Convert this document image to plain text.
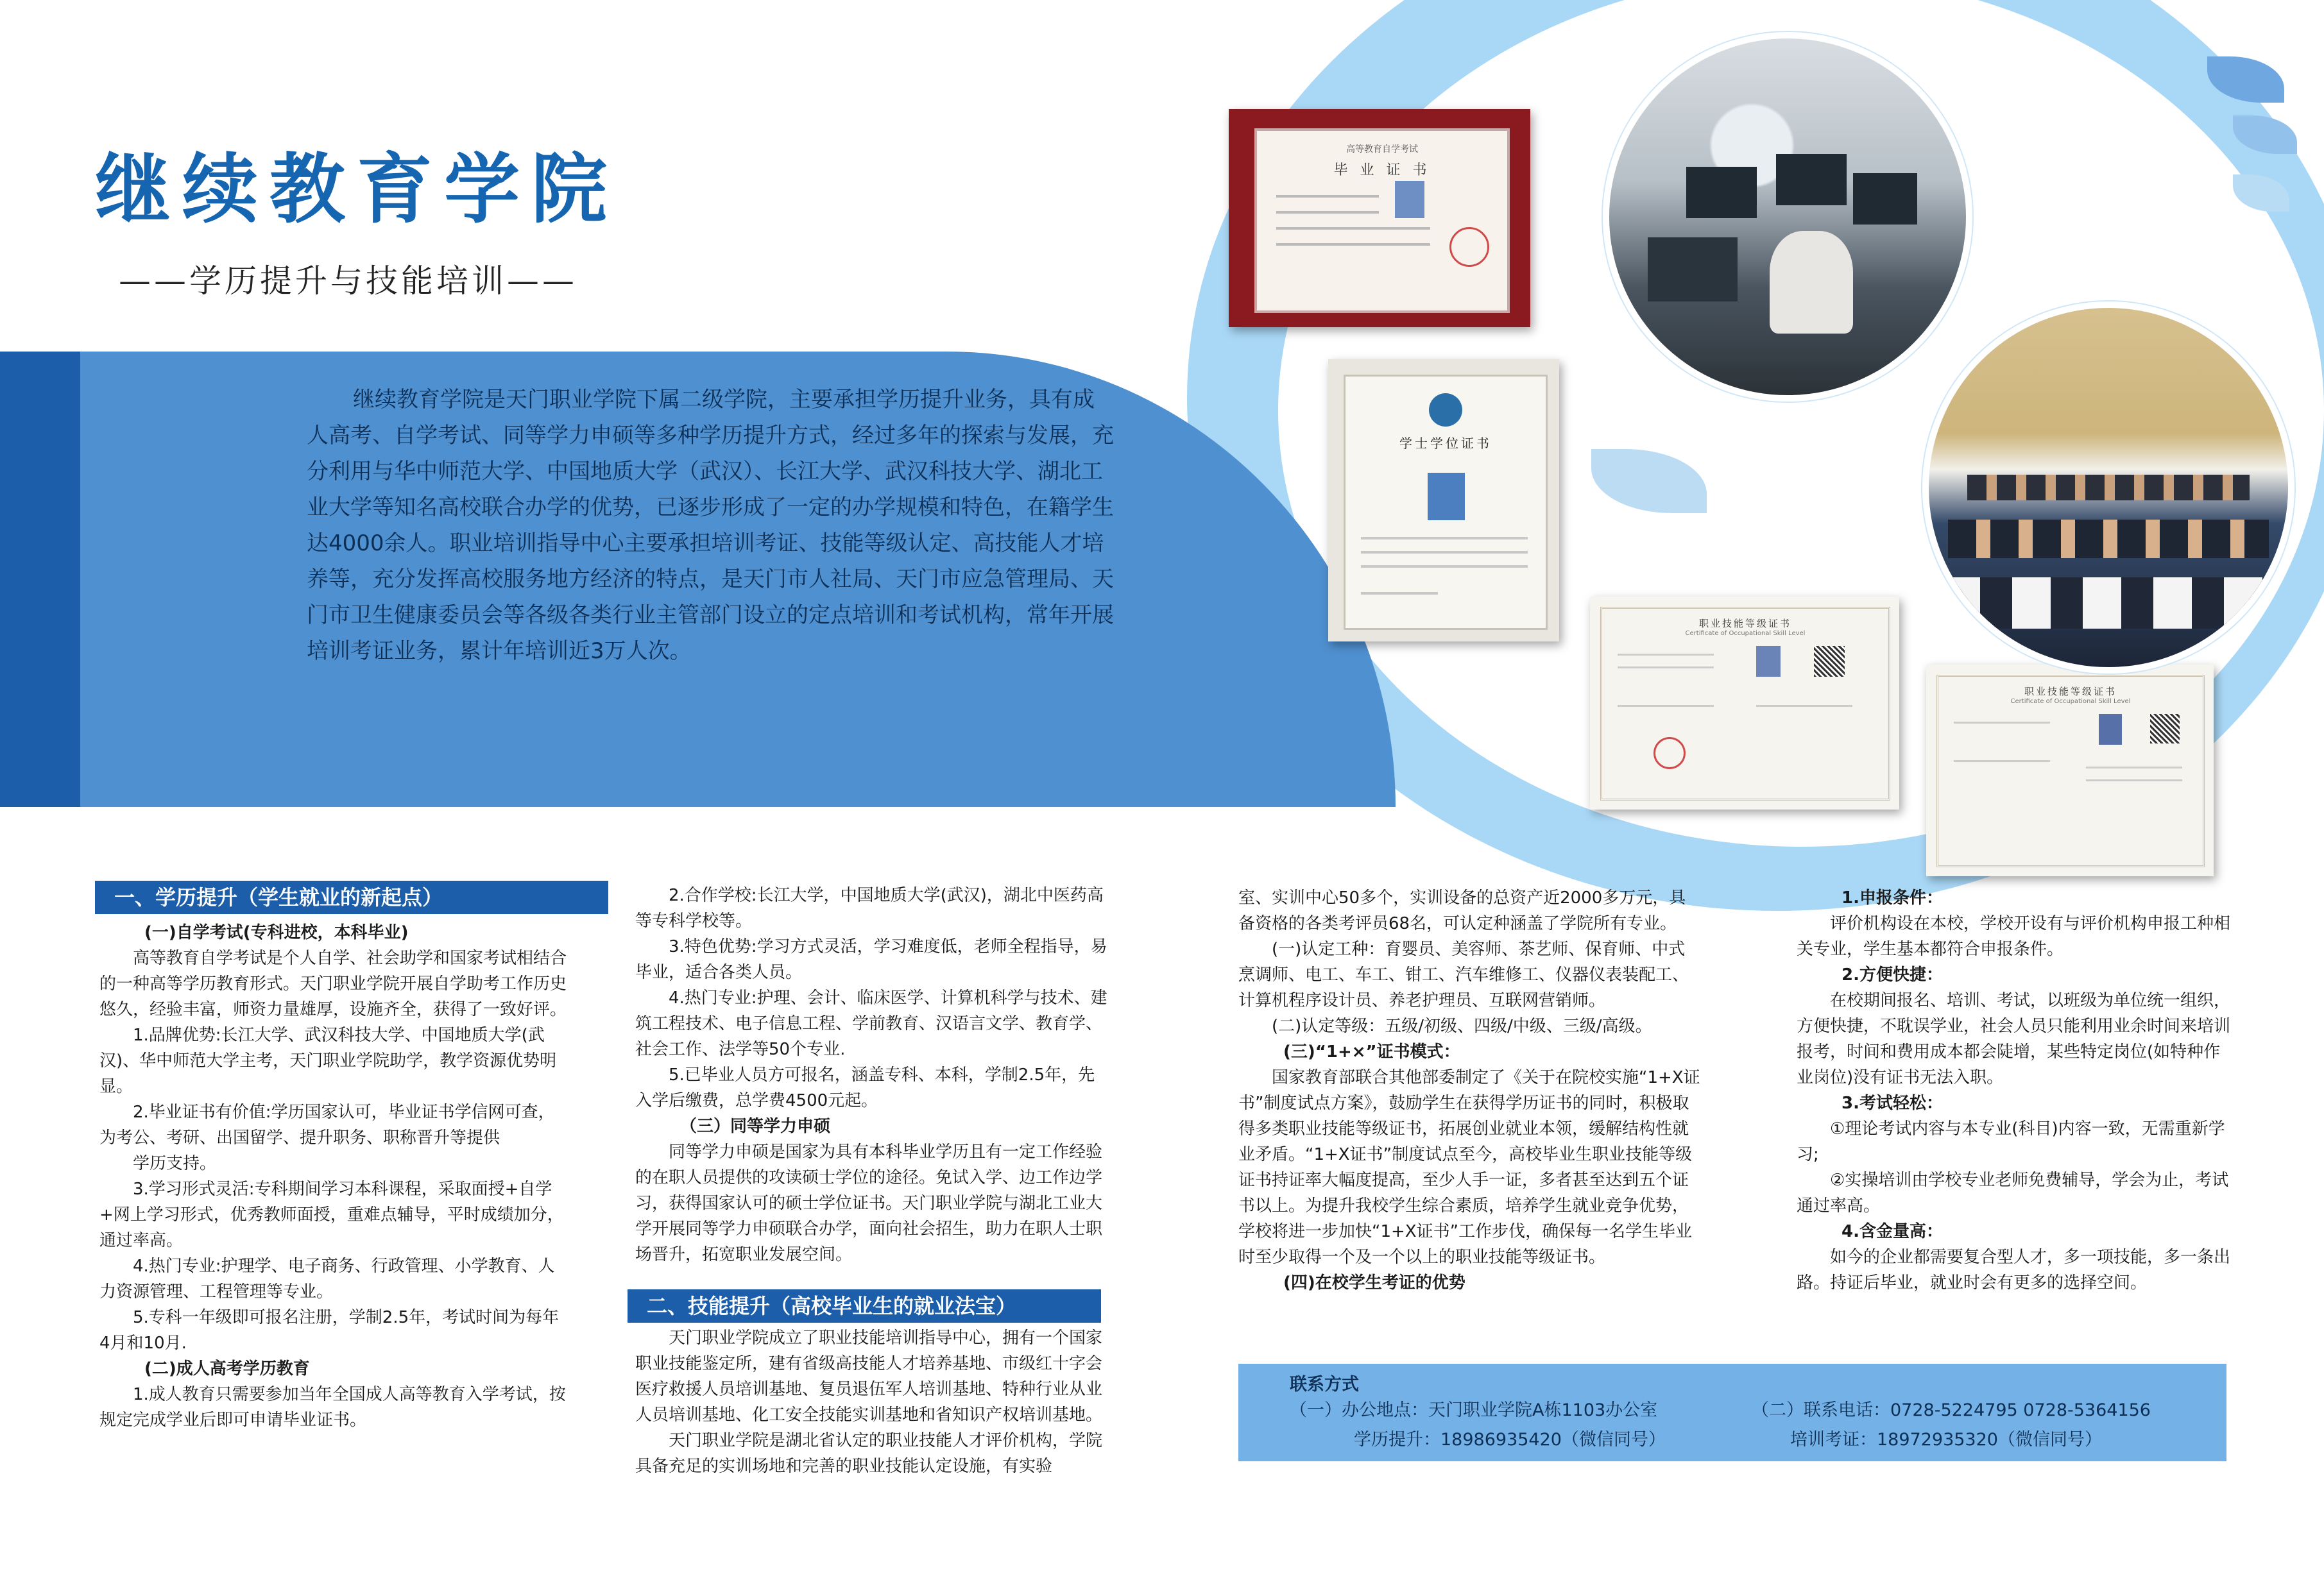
继续教育学院
——学历提升与技能培训——
继续教育学院是天门职业学院下属二级学院，主要承担学历提升业务，具有成人高考、自学考试、同等学力申硕等多种学历提升方式，经过多年的探索与发展，充分利用与华中师范大学、中国地质大学（武汉）、长江大学、武汉科技大学、湖北工业大学等知名高校联合办学的优势，已逐步形成了一定的办学规模和特色，在籍学生达4000余人。职业培训指导中心主要承担培训考证、技能等级认定、高技能人才培养等，充分发挥高校服务地方经济的特点，是天门市人社局、天门市应急管理局、天门市卫生健康委员会等各级各类行业主管部门设立的定点培训和考试机构，常年开展培训考证业务，累计年培训近3万人次。
高等教育自学考试
毕 业 证 书
学士学位证书
职业技能等级证书
Certificate of Occupational Skill Level
职业技能等级证书
Certificate of Occupational Skill Level
一、学历提升（学生就业的新起点）
二、技能提升（高校毕业生的就业法宝）

(一)自学考试(专科进校，本科毕业)

高等教育自学考试是个人自学、社会助学和国家考试相结合的一种高等学历教育形式。天门职业学院开展自学助考工作历史悠久，经验丰富，师资力量雄厚，设施齐全，获得了一致好评。

1.品牌优势:长江大学、武汉科技大学、中国地质大学(武汉)、华中师范大学主考，天门职业学院助学，教学资源优势明显。

2.毕业证书有价值:学历国家认可，毕业证书学信网可查，为考公、考研、出国留学、提升职务、职称晋升等提供

学历支持。

3.学习形式灵活:专科期间学习本科课程，采取面授+自学+网上学习形式，优秀教师面授，重难点辅导，平时成绩加分，通过率高。

4.热门专业:护理学、电子商务、行政管理、小学教育、人力资源管理、工程管理等专业。

5.专科一年级即可报名注册，学制2.5年，考试时间为每年4月和10月.

(二)成人高考学历教育

1.成人教育只需要参加当年全国成人高等教育入学考试，按规定完成学业后即可申请毕业证书。

2.合作学校:长江大学，中国地质大学(武汉)，湖北中医药高等专科学校等。

3.特色优势:学习方式灵活，学习难度低，老师全程指导，易毕业，适合各类人员。

4.热门专业:护理、会计、临床医学、计算机科学与技术、建筑工程技术、电子信息工程、学前教育、汉语言文学、教育学、社会工作、法学等50个专业.

5.已毕业人员方可报名，涵盖专科、本科，学制2.5年，先入学后缴费，总学费4500元起。

（三）同等学力申硕

同等学力申硕是国家为具有本科毕业学历且有一定工作经验的在职人员提供的攻读硕士学位的途径。免试入学、边工作边学习，获得国家认可的硕士学位证书。天门职业学院与湖北工业大学开展同等学力申硕联合办学，面向社会招生，助力在职人士职场晋升，拓宽职业发展空间。

天门职业学院成立了职业技能培训指导中心，拥有一个国家职业技能鉴定所，建有省级高技能人才培养基地、市级红十字会医疗救援人员培训基地、复员退伍军人培训基地、特种行业从业人员培训基地、化工安全技能实训基地和省知识产权培训基地。

天门职业学院是湖北省认定的职业技能人才评价机构，学院具备充足的实训场地和完善的职业技能认定设施，有实验

室、实训中心50多个，实训设备的总资产近2000多万元，具备资格的各类考评员68名，可认定种涵盖了学院所有专业。

(一)认定工种：育婴员、美容师、茶艺师、保育师、中式烹调师、电工、车工、钳工、汽车维修工、仪器仪表装配工、计算机程序设计员、养老护理员、互联网营销师。

(二)认定等级：五级/初级、四级/中级、三级/高级。

(三)“1+×”证书模式：

国家教育部联合其他部委制定了《关于在院校实施“1+X证书”制度试点方案》，鼓励学生在获得学历证书的同时，积极取得多类职业技能等级证书，拓展创业就业本领，缓解结构性就业矛盾。“1+X证书”制度试点至今，高校毕业生职业技能等级证书持证率大幅度提高，至少人手一证，多者甚至达到五个证书以上。为提升我校学生综合素质，培养学生就业竞争优势，学校将进一步加快“1+X证书”工作步伐，确保每一名学生毕业时至少取得一个及一个以上的职业技能等级证书。

(四)在校学生考证的优势

1.申报条件：

评价机构设在本校，学校开设有与评价机构申报工种相关专业，学生基本都符合申报条件。

2.方便快捷：

在校期间报名、培训、考试，以班级为单位统一组织，方便快捷，不耽误学业，社会人员只能利用业余时间来培训报考，时间和费用成本都会陡增，某些特定岗位(如特种作业岗位)没有证书无法入职。

3.考试轻松：

①理论考试内容与本专业(科目)内容一致，无需重新学习;

②实操培训由学校专业老师免费辅导，学会为止，考试通过率高。

4.含金量高：

如今的企业都需要复合型人才，多一项技能，多一条出路。持证后毕业，就业时会有更多的选择空间。

联系方式
（一）办公地点：天门职业学院A栋1103办公室
学历提升：18986935420（微信同号）
（二）联系电话：0728-5224795 0728-5364156
培训考证：18972935320（微信同号）
